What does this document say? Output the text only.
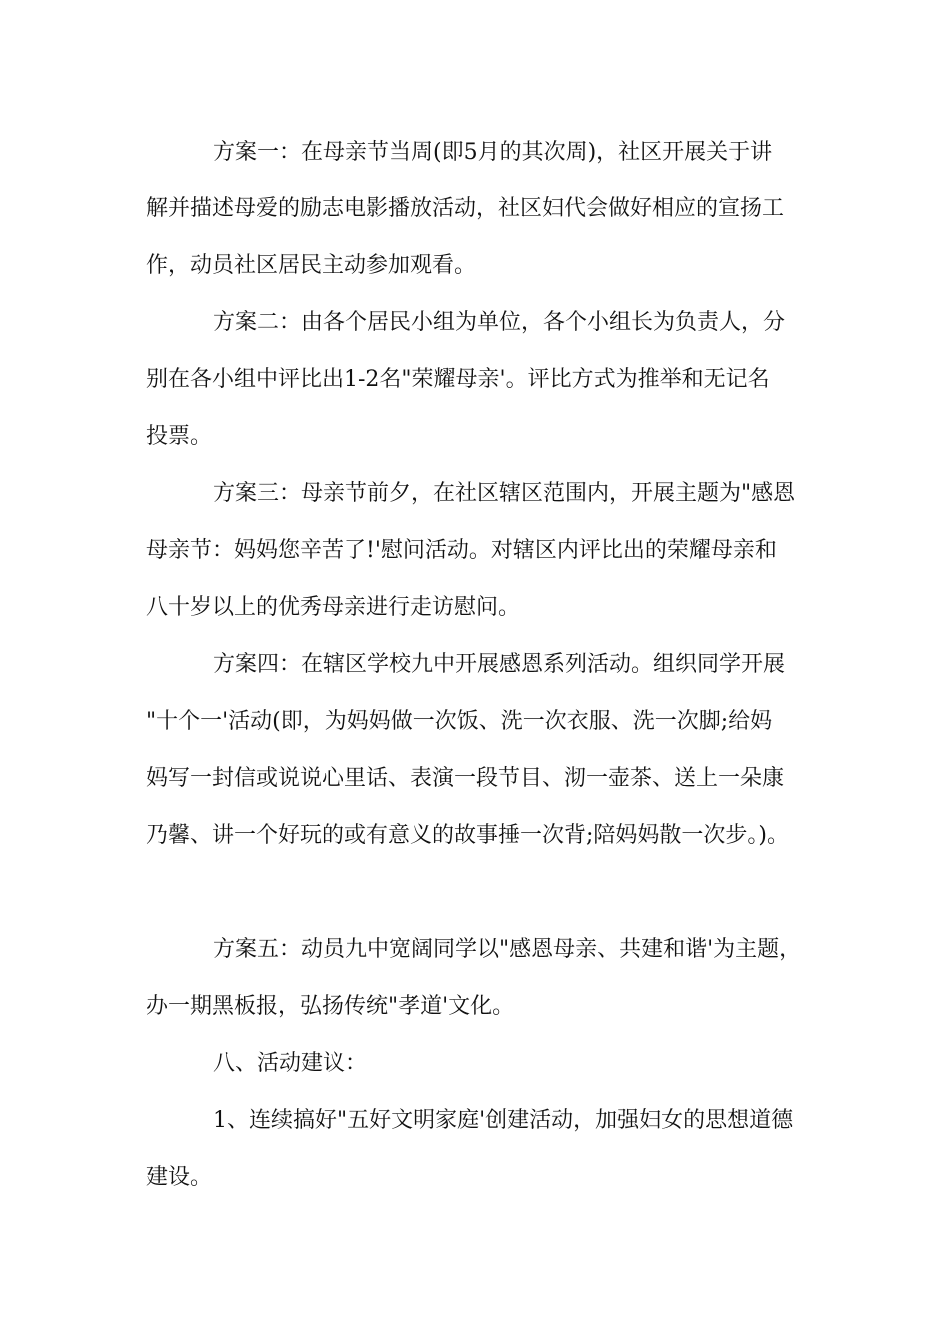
方案一：在母亲节当周(即5月的其次周)，社区开展关于讲
解并描述母爱的励志电影播放活动，社区妇代会做好相应的宣扬工
作，动员社区居民主动参加观看。
方案二：由各个居民小组为单位，各个小组长为负责人，分
别在各小组中评比出1-2名"荣耀母亲'。评比方式为推举和无记名
投票。
方案三：母亲节前夕，在社区辖区范围内，开展主题为"感恩
母亲节：妈妈您辛苦了!'慰问活动。对辖区内评比出的荣耀母亲和
八十岁以上的优秀母亲进行走访慰问。
方案四：在辖区学校九中开展感恩系列活动。组织同学开展
"十个一'活动(即，为妈妈做一次饭、洗一次衣服、洗一次脚;给妈
妈写一封信或说说心里话、表演一段节目、沏一壶茶、送上一朵康
乃馨、讲一个好玩的或有意义的故事捶一次背;陪妈妈散一次步。)。
方案五：动员九中宽阔同学以"感恩母亲、共建和谐'为主题，
办一期黑板报，弘扬传统"孝道'文化。
八、活动建议：
1、连续搞好"五好文明家庭'创建活动，加强妇女的思想道德
建设。
